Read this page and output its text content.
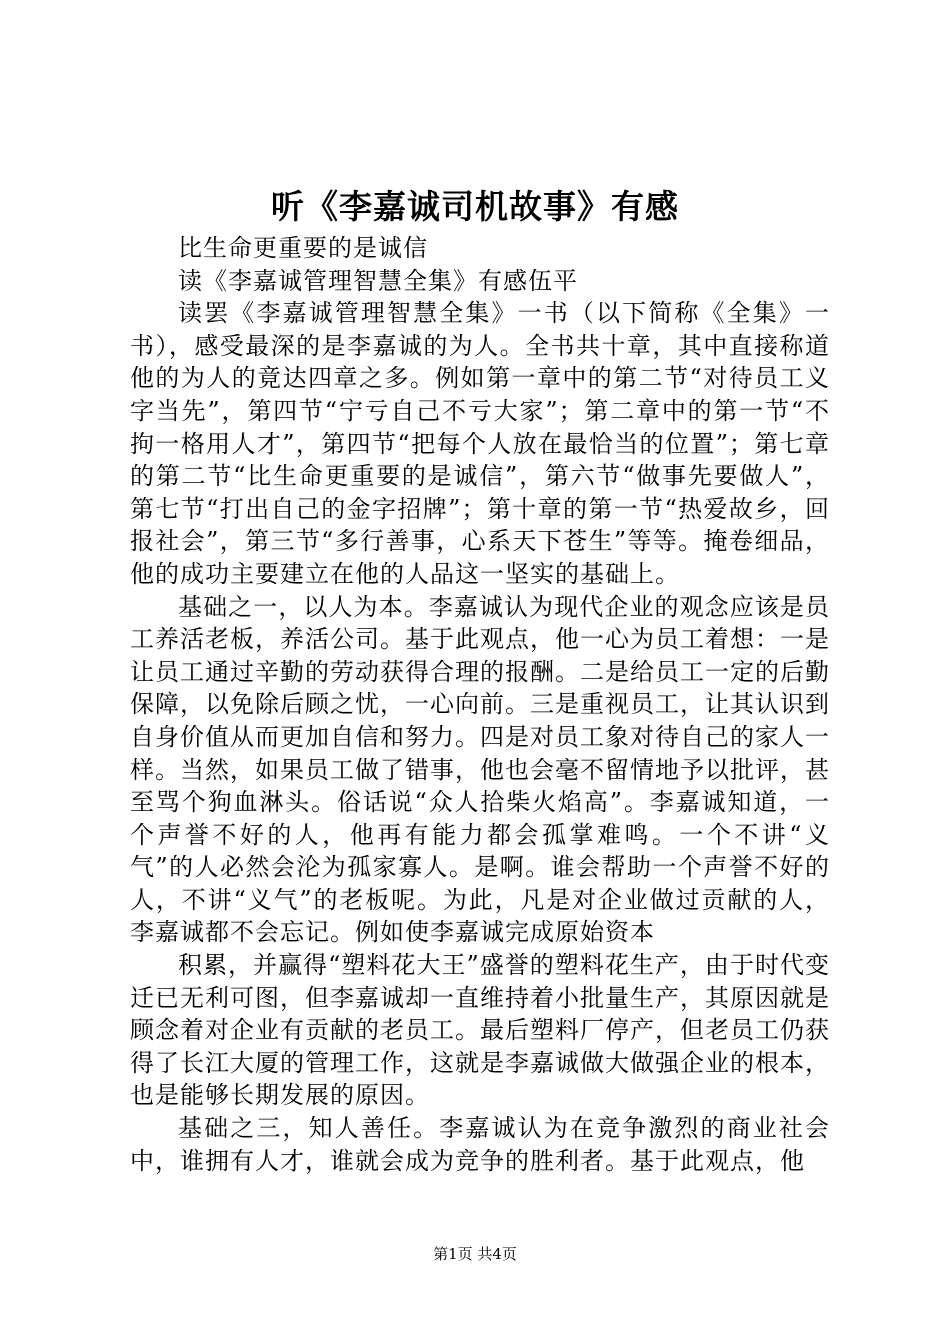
听《李嘉诚司机故事》有感

比生命更重要的是诚信

读《李嘉诚管理智慧全集》有感伍平

读罢《李嘉诚管理智慧全集》一书（以下简称《全集》一书），感受最深的是李嘉诚的为人。全书共十章，其中直接称道他的为人的竟达四章之多。例如第一章中的第二节“对待员工义字当先”，第四节“宁亏自己不亏大家”；第二章中的第一节“不拘一格用人才”，第四节“把每个人放在最恰当的位置”；第七章的第二节“比生命更重要的是诚信”，第六节“做事先要做人”，第七节“打出自己的金字招牌”；第十章的第一节“热爱故乡，回报社会”，第三节“多行善事，心系天下苍生”等等。掩卷细品，他的成功主要建立在他的人品这一坚实的基础上。

基础之一，以人为本。李嘉诚认为现代企业的观念应该是员工养活老板，养活公司。基于此观点，他一心为员工着想：一是让员工通过辛勤的劳动获得合理的报酬。二是给员工一定的后勤保障，以免除后顾之忧，一心向前。三是重视员工，让其认识到自身价值从而更加自信和努力。四是对员工象对待自己的家人一样。当然，如果员工做了错事，他也会毫不留情地予以批评，甚至骂个狗血淋头。俗话说“众人拾柴火焰高”。李嘉诚知道，一个声誉不好的人，他再有能力都会孤掌难鸣。一个不讲“义气”的人必然会沦为孤家寡人。是啊。谁会帮助一个声誉不好的人，不讲“义气”的老板呢。为此，凡是对企业做过贡献的人，李嘉诚都不会忘记。例如使李嘉诚完成原始资本

积累，并赢得“塑料花大王”盛誉的塑料花生产，由于时代变迁已无利可图，但李嘉诚却一直维持着小批量生产，其原因就是顾念着对企业有贡献的老员工。最后塑料厂停产，但老员工仍获得了长江大厦的管理工作，这就是李嘉诚做大做强企业的根本，也是能够长期发展的原因。

基础之三，知人善任。李嘉诚认为在竞争激烈的商业社会中，谁拥有人才，谁就会成为竞争的胜利者。基于此观点，他

第1页 共4页
